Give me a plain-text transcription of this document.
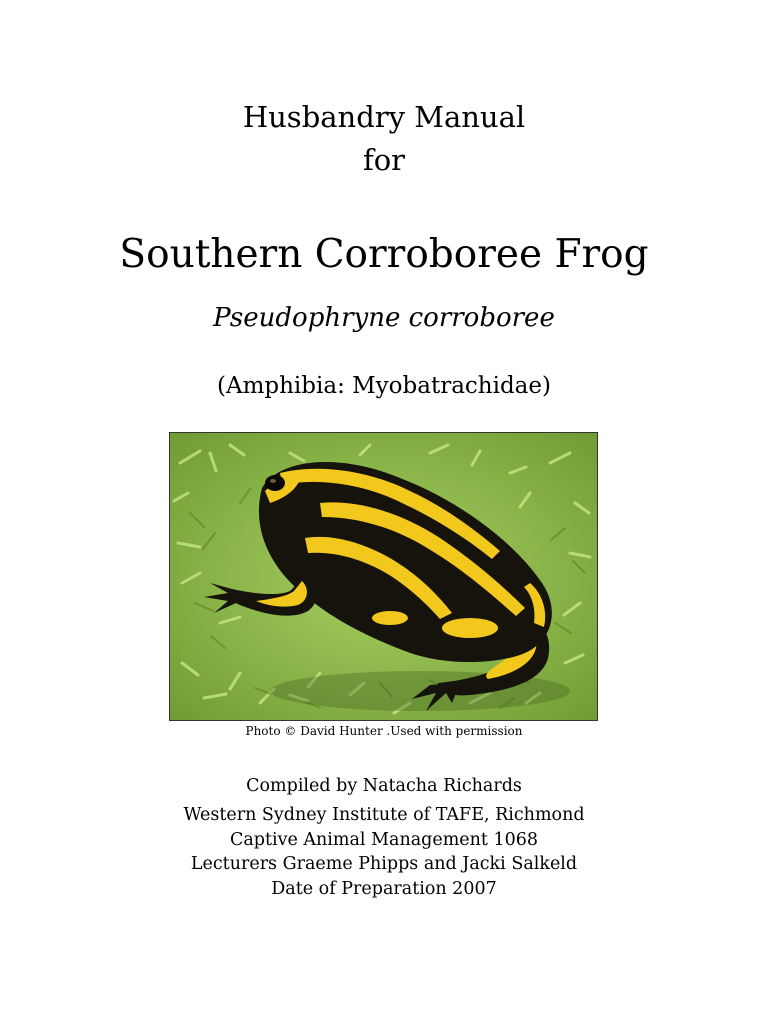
Husbandry Manual
for
Southern Corroboree Frog
Pseudophryne corroboree
(Amphibia: Myobatrachidae)
Photo © David Hunter .Used with permission
Compiled by Natacha Richards
Western Sydney Institute of TAFE, Richmond
Captive Animal Management 1068
Lecturers Graeme Phipps and Jacki Salkeld
Date of Preparation 2007
